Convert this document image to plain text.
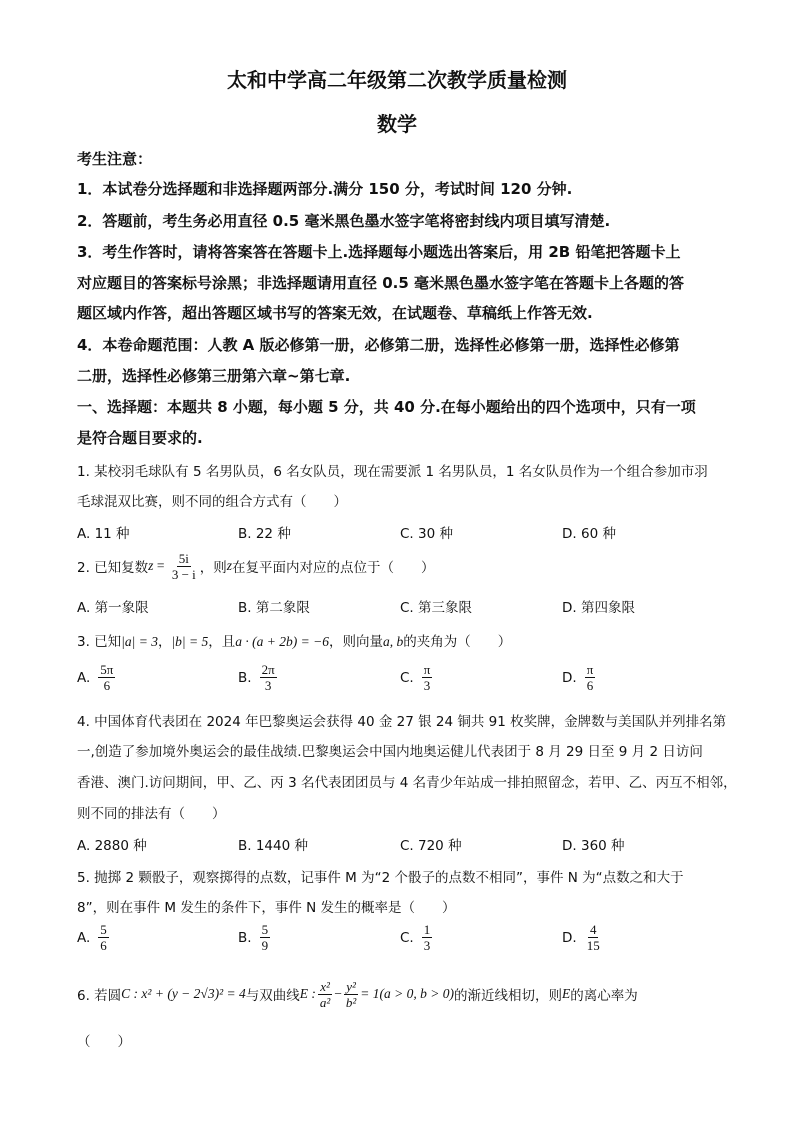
太和中学高二年级第二次教学质量检测
数学
考生注意：
1．本试卷分选择题和非选择题两部分.满分 150 分，考试时间 120 分钟.
2．答题前，考生务必用直径 0.5 毫米黑色墨水签字笔将密封线内项目填写清楚.
3．考生作答时，请将答案答在答题卡上.选择题每小题选出答案后，用 2B 铅笔把答题卡上
对应题目的答案标号涂黑；非选择题请用直径 0.5 毫米黑色墨水签字笔在答题卡上各题的答
题区域内作答，超出答题区域书写的答案无效，在试题卷、草稿纸上作答无效.
4．本卷命题范围：人教 A 版必修第一册，必修第二册，选择性必修第一册，选择性必修第
二册，选择性必修第三册第六章~第七章.
一、选择题：本题共 8 小题，每小题 5 分，共 40 分.在每小题给出的四个选项中，只有一项
是符合题目要求的.
1. 某校羽毛球队有 5 名男队员，6 名女队员，现在需要派 1 名男队员，1 名女队员作为一个组合参加市羽
毛球混双比赛，则不同的组合方式有（　　）
A. 11 种	B. 22 种	C. 30 种	D. 60 种
2. 已知复数 $z = \frac{5i}{3 - i}$ ，则 z 在复平面内对应的点位于（　　）
A. 第一象限	B. 第二象限	C. 第三象限	D. 第四象限
3. 已知|a| = 3，|b| = 5，且a · (a + 2b) = −6，则向量a, b的夹角为（　　）
A. $\frac{5\pi}{6}$	B. $\frac{2\pi}{3}$	C. $\frac{\pi}{3}$	D. $\frac{\pi}{6}$
4. 中国体育代表团在 2024 年巴黎奥运会获得 40 金 27 银 24 铜共 91 枚奖牌，金牌数与美国队并列排名第
一,创造了参加境外奥运会的最佳战绩.巴黎奥运会中国内地奥运健儿代表团于 8 月 29 日至 9 月 2 日访问
香港、澳门.访问期间，甲、乙、丙 3 名代表团团员与 4 名青少年站成一排拍照留念，若甲、乙、丙互不相邻，
则不同的排法有（　　）
A. 2880 种	B. 1440 种	C. 720 种	D. 360 种
5. 抛掷 2 颗骰子，观察掷得的点数，记事件 M 为“2 个骰子的点数不相同”，事件 N 为“点数之和大于
8”，则在事件 M 发生的条件下，事件 N 发生的概率是（　　）
A. $\frac{5}{6}$	B. $\frac{5}{9}$	C. $\frac{1}{3}$	D. $\frac{4}{15}$
6. 若圆 C : x² + (y − 2√3)² = 4 与双曲线 E : $\frac{\text{x²}}{\text{a²}} - \frac{\text{y²}}{\text{b²}} = 1(a > 0$, b > 0) 的渐近线相切，则 E 的离心率为
（　　）
